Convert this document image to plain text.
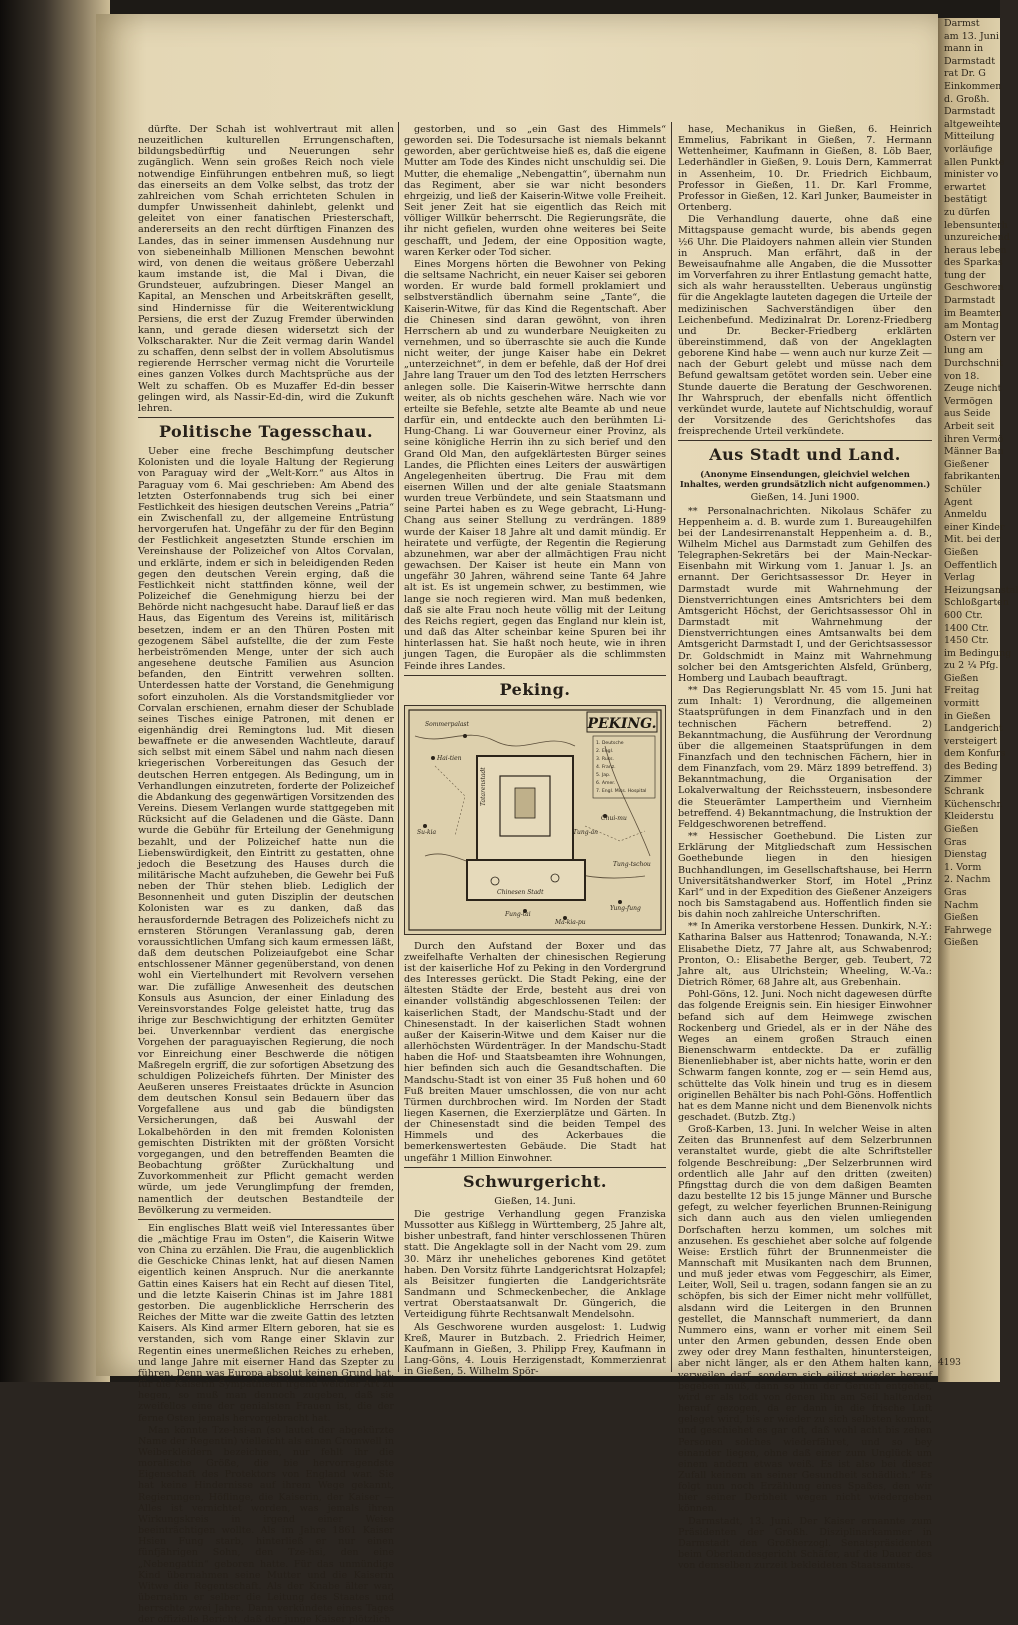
dürfte. Der Schah ist wohlvertraut mit allen neuzeitlichen kulturellen Errungenschaften, bildungsbedürftig und Neuerungen sehr zugänglich. Wenn sein großes Reich noch viele notwendige Einführungen entbehren muß, so liegt das einerseits an dem Volke selbst, das trotz der zahlreichen vom Schah errichteten Schulen in dumpfer Unwissenheit dahinlebt, gelenkt und geleitet von einer fanatischen Priesterschaft, andererseits an den recht dürftigen Finanzen des Landes, das in seiner immensen Ausdehnung nur von siebeneinhalb Millionen Menschen bewohnt wird, von denen die weitaus größere Ueberzahl kaum imstande ist, die Mal i Divan, die Grundsteuer, aufzubringen. Dieser Mangel an Kapital, an Menschen und Arbeitskräften gesellt, sind Hindernisse für die Weiterentwicklung Persiens, die erst der Zuzug Fremder überwinden kann, und gerade diesen widersetzt sich der Volkscharakter. Nur die Zeit vermag darin Wandel zu schaffen, denn selbst der in vollem Absolutismus regierende Herrscher vermag nicht die Vorurteile eines ganzen Volkes durch Machtsprüche aus der Welt zu schaffen. Ob es Muzaffer Ed-din besser gelingen wird, als Nassir-Ed-din, wird die Zukunft lehren.

Politische Tagesschau.

Ueber eine freche Beschimpfung deutscher Kolonisten und die loyale Haltung der Regierung von Paraguay wird der „Welt-Korr.“ aus Altos in Paraguay vom 6. Mai geschrieben: Am Abend des letzten Osterfonnabends trug sich bei einer Festlichkeit des hiesigen deutschen Vereins „Patria“ ein Zwischenfall zu, der allgemeine Entrüstung hervorgerufen hat. Ungefähr zu der für den Beginn der Festlichkeit angesetzten Stunde erschien im Vereinshause der Polizeichef von Altos Corvalan, und erklärte, indem er sich in beleidigenden Reden gegen den deutschen Verein erging, daß die Festlichkeit nicht stattfinden könne, weil der Polizeichef die Genehmigung hierzu bei der Behörde nicht nachgesucht habe. Darauf ließ er das Haus, das Eigentum des Vereins ist, militärisch besetzen, indem er an den Thüren Posten mit gezogenem Säbel aufstellte, die der zum Feste herbeiströmenden Menge, unter der sich auch angesehene deutsche Familien aus Asuncion befanden, den Eintritt verwehren sollten. Unterdessen hatte der Vorstand, die Genehmigung sofort einzuholen. Als die Vorstandsmitglieder vor Corvalan erschienen, ernahm dieser der Schublade seines Tisches einige Patronen, mit denen er eigenhändig drei Remingtons lud. Mit diesen bewaffnete er die anwesenden Wachtleute, darauf sich selbst mit einem Säbel und nahm nach diesen kriegerischen Vorbereitungen das Gesuch der deutschen Herren entgegen. Als Bedingung, um in Verhandlungen einzutreten, forderte der Polizeichef die Abdankung des gegenwärtigen Vorsitzenden des Vereins. Diesem Verlangen wurde stattgegeben mit Rücksicht auf die Geladenen und die Gäste. Dann wurde die Gebühr für Erteilung der Genehmigung bezahlt, und der Polizeichef hatte nun die Liebenswürdigkeit, den Eintritt zu gestatten, ohne jedoch die Besetzung des Hauses durch die militärische Macht aufzuheben, die Gewehr bei Fuß neben der Thür stehen blieb. Lediglich der Besonnenheit und guten Disziplin der deutschen Kolonisten war es zu danken, daß das herausfordernde Betragen des Polizeichefs nicht zu ernsteren Störungen Veranlassung gab, deren voraussichtlichen Umfang sich kaum ermessen läßt, daß dem deutschen Polizeiaufgebot eine Schar entschlossener Männer gegenüberstand, von denen wohl ein Viertelhundert mit Revolvern versehen war. Die zufällige Anwesenheit des deutschen Konsuls aus Asuncion, der einer Einladung des Vereinsvorstandes Folge geleistet hatte, trug das ihrige zur Beschwichtigung der erhitzten Gemüter bei. Unverkennbar verdient das energische Vorgehen der paraguayischen Regierung, die noch vor Einreichung einer Beschwerde die nötigen Maßregeln ergriff, die zur sofortigen Absetzung des schuldigen Polizeichefs führten. Der Minister des Aeußeren unseres Freistaates drückte in Asuncion dem deutschen Konsul sein Bedauern über das Vorgefallene aus und gab die bündigsten Versicherungen, daß bei Auswahl der Lokalbehörden in den mit fremden Kolonisten gemischten Distrikten mit der größten Vorsicht vorgegangen, und den betreffenden Beamten die Beobachtung größter Zurückhaltung und Zuvorkommenheit zur Pflicht gemacht werden würde, um jede Verunglimpfung der fremden, namentlich der deutschen Bestandteile der Bevölkerung zu vermeiden.

Ein englisches Blatt weiß viel Interessantes über die „mächtige Frau im Osten“, die Kaiserin Witwe von China zu erzählen. Die Frau, die augenblicklich die Geschicke Chinas lenkt, hat auf diesen Namen eigentlich keinen Anspruch. Nur die anerkannte Gattin eines Kaisers hat ein Recht auf diesen Titel, und die letzte Kaiserin Chinas ist im Jahre 1881 gestorben. Die augenblickliche Herrscherin des Reiches der Mitte war die zweite Gattin des letzten Kaisers. Als Kind armer Eltern geboren, hat sie es verstanden, sich vom Range einer Sklavin zur Regentin eines unermeßlichen Reiches zu erheben, und lange Jahre mit eiserner Hand das Szepter zu führen. Denn was Europa absolut keinen Grund hat, für die Kaiserin Sympathieen irgend welcher Art zu hegen, so muß man dennoch zugeben, daß sie zweifellos eine der genialsten Frauen ist, die der ferne Osten jemals hervorgebracht hat.

Man könnte Tze-hsi-an (so lautet der abgekürzte Name der Regentin) vielleicht als einen Cromwell in Weiberkleidern bezeichnen, nur fehlt ihr die moralische Größe, die bie hervorragendste Eigenschaft des Protektors von England war. Sie hat keine Hindernisse auf ihrem Wege gekannt, Regierungen, Höflinge, die Kaiserin, der Kaiser — Alles ist vernichtet worden, was jemals ihren Wirkungskreis in irgend einer Weise beeinträchtigen wollte. Als im Jahre 1861 Kaiser Hsien Fung starb, hinterließ er nur einen fünfjährigen Sohn, den Tze-hsi, den eine „Nebengattin“ geboren hatte. Für das unmündige Kind übernahmen seine Mutter und die Kaiserin Witwe die Regentschaft. Als der Knabe älter war, übernahm er selber die Leitung des Staates und herrschte zwei Jahre. Dann verkündete eines Tages der offizielle Bericht, daß der junge Kaiser plötzlich

gestorben, und so „ein Gast des Himmels“ geworden sei. Die Todesursache ist niemals bekannt geworden, aber gerüchtweise hieß es, daß die eigene Mutter am Tode des Kindes nicht unschuldig sei. Die Mutter, die ehemalige „Nebengattin“, übernahm nun das Regiment, aber sie war nicht besonders ehrgeizig, und ließ der Kaiserin-Witwe volle Freiheit. Seit jener Zeit hat sie eigentlich das Reich mit völliger Willkür beherrscht. Die Regierungsräte, die ihr nicht gefielen, wurden ohne weiteres bei Seite geschafft, und Jedem, der eine Opposition wagte, waren Kerker oder Tod sicher.

Eines Morgens hörten die Bewohner von Peking die seltsame Nachricht, ein neuer Kaiser sei geboren worden. Er wurde bald formell proklamiert und selbstverständlich übernahm seine „Tante“, die Kaiserin-Witwe, für das Kind die Regentschaft. Aber die Chinesen sind daran gewöhnt, von ihren Herrschern ab und zu wunderbare Neuigkeiten zu vernehmen, und so überraschte sie auch die Kunde nicht weiter, der junge Kaiser habe ein Dekret „unterzeichnet“, in dem er befehle, daß der Hof drei Jahre lang Trauer um den Tod des letzten Herrschers anlegen solle. Die Kaiserin-Witwe herrschte dann weiter, als ob nichts geschehen wäre. Nach wie vor erteilte sie Befehle, setzte alte Beamte ab und neue darfür ein, und entdeckte auch den berühmten Li-Hung-Chang. Li war Gouverneur einer Provinz, als seine königliche Herrin ihn zu sich berief und den Grand Old Man, den aufgeklärtesten Bürger seines Landes, die Pflichten eines Leiters der auswärtigen Angelegenheiten übertrug. Die Frau mit dem eisernen Willen und der alte geniale Staatsmann wurden treue Verbündete, und sein Staatsmann und seine Partei haben es zu Wege gebracht, Li-Hung-Chang aus seiner Stellung zu verdrängen. 1889 wurde der Kaiser 18 Jahre alt und damit mündig. Er heiratete und verfügte, der Regentin die Regierung abzunehmen, war aber der allmächtigen Frau nicht gewachsen. Der Kaiser ist heute ein Mann von ungefähr 30 Jahren, während seine Tante 64 Jahre alt ist. Es ist ungemein schwer, zu bestimmen, wie lange sie noch regieren wird. Man muß bedenken, daß sie alte Frau noch heute völlig mit der Leitung des Reichs regiert, gegen das England nur klein ist, und daß das Alter scheinbar keine Spuren bei ihr hinterlassen hat. Sie haßt noch heute, wie in ihren jungen Tagen, die Europäer als die schlimmsten Feinde ihres Landes.

Peking.
PEKING.
1. Deutsche
2. Engl.
3. Russ.
4. Franz.
5. Jap.
6. Amer.
7. Engl. Miss. Hospital
Tatarenstadt
Chinesen Stadt
Tung-an
Fung-tai
Chui-mu
Hai-tien
Sommerpalast
Yung-fung
Tung-tschou
Ma-kia-pu
Su-kia

Durch den Aufstand der Boxer und das zweifelhafte Verhalten der chinesischen Regierung ist der kaiserliche Hof zu Peking in den Vordergrund des Interesses gerückt. Die Stadt Peking, eine der ältesten Städte der Erde, besteht aus drei von einander vollständig abgeschlossenen Teilen: der kaiserlichen Stadt, der Mandschu-Stadt und der Chinesenstadt. In der kaiserlichen Stadt wohnen außer der Kaiserin-Witwe und dem Kaiser nur die allerhöchsten Würdenträger. In der Mandschu-Stadt haben die Hof- und Staatsbeamten ihre Wohnungen, hier befinden sich auch die Gesandtschaften. Die Mandschu-Stadt ist von einer 35 Fuß hohen und 60 Fuß breiten Mauer umschlossen, die von nur acht Türmen durchbrochen wird. Im Norden der Stadt liegen Kasernen, die Exerzierplätze und Gärten. In der Chinesenstadt sind die beiden Tempel des Himmels und des Ackerbaues die bemerkenswertesten Gebäude. Die Stadt hat ungefähr 1 Million Einwohner.

Schwurgericht.
Gießen, 14. Juni.

Die gestrige Verhandlung gegen Franziska Mussotter aus Kißlegg in Württemberg, 25 Jahre alt, bisher unbestraft, fand hinter verschlossenen Thüren statt. Die Angeklagte soll in der Nacht vom 29. zum 30. März ihr uneheliches geborenes Kind getötet haben. Den Vorsitz führte Landgerichtsrat Holzapfel; als Beisitzer fungierten die Landgerichtsräte Sandmann und Schmeckenbecher, die Anklage vertrat Oberstaatsanwalt Dr. Güngerich, die Verteidigung führte Rechtsanwalt Mendelsohn.

Als Geschworene wurden ausgelost: 1. Ludwig Kreß, Maurer in Butzbach. 2. Friedrich Heimer, Kaufmann in Gießen, 3. Philipp Frey, Kaufmann in Lang-Göns, 4. Louis Herzigenstadt, Kommerzienrat in Gießen, 5. Wilhelm Spör-

hase, Mechanikus in Gießen, 6. Heinrich Emmelius, Fabrikant in Gießen, 7. Hermann Wettenheimer, Kaufmann in Gießen, 8. Löb Baer, Lederhändler in Gießen, 9. Louis Dern, Kammerrat in Assenheim, 10. Dr. Friedrich Eichbaum, Professor in Gießen, 11. Dr. Karl Fromme, Professor in Gießen, 12. Karl Junker, Baumeister in Ortenberg.

Die Verhandlung dauerte, ohne daß eine Mittagspause gemacht wurde, bis abends gegen ½6 Uhr. Die Plaidoyers nahmen allein vier Stunden in Anspruch. Man erfährt, daß in der Beweisaufnahme alle Angaben, die die Mussotter im Vorverfahren zu ihrer Entlastung gemacht hatte, sich als wahr herausstellten. Ueberaus ungünstig für die Angeklagte lauteten dagegen die Urteile der medizinischen Sachverständigen über den Leichenbefund. Medizinalrat Dr. Lorenz-Friedberg und Dr. Becker-Friedberg erklärten übereinstimmend, daß von der Angeklagten geborene Kind habe — wenn auch nur kurze Zeit — nach der Geburt gelebt und müsse nach dem Befund gewaltsam getötet worden sein. Ueber eine Stunde dauerte die Beratung der Geschworenen. Ihr Wahrspruch, der ebenfalls nicht öffentlich verkündet wurde, lautete auf Nichtschuldig, worauf der Vorsitzende des Gerichtshofes das freisprechende Urteil verkündete.

Aus Stadt und Land.
(Anonyme Einsendungen, gleichviel welchen Inhaltes, werden grundsätzlich nicht aufgenommen.)
Gießen, 14. Juni 1900.

** Personalnachrichten. Nikolaus Schäfer zu Heppenheim a. d. B. wurde zum 1. Bureaugehilfen bei der Landesirrenanstalt Heppenheim a. d. B., Wilhelm Michel aus Darmstadt zum Gehilfen des Telegraphen-Sekretärs bei der Main-Neckar-Eisenbahn mit Wirkung vom 1. Januar l. Js. an ernannt. Der Gerichtsassessor Dr. Heyer in Darmstadt wurde mit Wahrnehmung der Dienstverrichtungen eines Amtsrichters bei dem Amtsgericht Höchst, der Gerichtsassessor Ohl in Darmstadt mit Wahrnehmung der Dienstverrichtungen eines Amtsanwalts bei dem Amtsgericht Darmstadt I, und der Gerichtsassessor Dr. Goldschmidt in Mainz mit Wahrnehmung solcher bei den Amtsgerichten Alsfeld, Grünberg, Homberg und Laubach beauftragt.

** Das Regierungsblatt Nr. 45 vom 15. Juni hat zum Inhalt: 1) Verordnung, die allgemeinen Staatsprüfungen in dem Finanzfach und in den technischen Fächern betreffend. 2) Bekanntmachung, die Ausführung der Verordnung über die allgemeinen Staatsprüfungen in dem Finanzfach und den technischen Fächern, hier in dem Finanzfach, vom 29. März 1899 betreffend. 3) Bekanntmachung, die Organisation der Lokalverwaltung der Reichssteuern, insbesondere die Steuerämter Lampertheim und Viernheim betreffend. 4) Bekanntmachung, die Instruktion der Feldgeschworenen betreffend.

** Hessischer Goethebund. Die Listen zur Erklärung der Mitgliedschaft zum Hessischen Goethebunde liegen in den hiesigen Buchhandlungen, im Gesellschaftshause, bei Herrn Universitätshandwerker Storf, im Hotel „Prinz Karl“ und in der Expedition des Gießener Anzeigers noch bis Samstagabend aus. Hoffentlich finden sie bis dahin noch zahlreiche Unterschriften.

** In Amerika verstorbene Hessen. Dunkirk, N.-Y.: Katharina Balser aus Hattenrod; Tonawanda, N.-Y.: Elisabethe Dietz, 77 Jahre alt, aus Schwabenrod; Pronton, O.: Elisabethe Berger, geb. Teubert, 72 Jahre alt, aus Ulrichstein; Wheeling, W.-Va.: Dietrich Römer, 68 Jahre alt, aus Grebenhain.

Pohl-Göns, 12. Juni. Noch nicht dagewesen dürfte das folgende Ereignis sein. Ein hiesiger Einwohner befand sich auf dem Heimwege zwischen Rockenberg und Griedel, als er in der Nähe des Weges an einem großen Strauch einen Bienenschwarm entdeckte. Da er zufällig Bienenliebhaber ist, aber nichts hatte, worin er den Schwarm fangen konnte, zog er — sein Hemd aus, schüttelte das Volk hinein und trug es in diesem originellen Behälter bis nach Pohl-Göns. Hoffentlich hat es dem Manne nicht und dem Bienenvolk nichts geschadet. (Butzb. Ztg.)

Groß-Karben, 13. Juni. In welcher Weise in alten Zeiten das Brunnenfest auf dem Selzerbrunnen veranstaltet wurde, giebt die alte Schriftsteller folgende Beschreibung: „Der Selzerbrunnen wird ordentlich alle Jahr auf den dritten (zweiten) Pfingsttag durch die von dem daßigen Beamten dazu bestellte 12 bis 15 junge Männer und Bursche gefegt, zu welcher feyerlichen Brunnen-Reinigung sich dann auch aus den vielen umliegenden Dorfschaften herzu kommen, um solches mit anzusehen. Es geschiehet aber solche auf folgende Weise: Erstlich führt der Brunnenmeister die Mannschaft mit Musikanten nach dem Brunnen, und muß jeder etwas vom Feggeschirr, als Eimer, Leiter, Woll, Seil u. tragen, sodann fangen sie an zu schöpfen, bis sich der Eimer nicht mehr vollfüllet, alsdann wird die Leitergen in den Brunnen gestellet, die Mannschaft nummeriert, da dann Nummero eins, wann er vorher mit einem Seil unter den Armen gebunden, dessen Ende oben zwey oder drey Mann festhalten, hinuntersteigen, aber nicht länger, als er den Athem halten kann, verweilen darf, sondern sich eiligst wieder herauf begeben muß, dann so ihm der Geruch entgehet, wird er als todt von denen ihn am Seil haltenden herauf gezogen, da er dann in die frische Luft geleget wird, bis er wieder zu sich selbsten kommt, und geschiehet es gar oft, daß wohl acht bis zehen Personen solches wiederfähret, und so bey einander liegen, ohne daß einer zum Unglück um einem andern etwas weiß. Es ist also bei dieser Zufall keinem an seiner Gesundheit schädlich.“ Es folgt nun noch Erzählung eines Spaßes, den wir hier seiner Derbheit wegen nicht wiedergeben können.

Darmstadt, 13. Juni. Der Kaiser ernannte zum Präsidenten der Großh. Disziplinarkammer in Darmstadt den Großherzogl. Senatspräsidenten beim Oberlandesgericht Schäfer, auf die Dauer des von demselben zurzeit bekleideten Staatsamtes.

Darmst
am 13. Juni
mann in
Darmstadt
rat Dr. G
Einkommen
d. Großh.
Darmstadt
altgeweihte
Mitteilung
vorläufige
allen Punkte
minister vo
erwartet
bestätigt
zu dürfen
lebensunterh
unzureichend
heraus leben
des Sparkas
tung der
Geschworen
Darmstadt
im Beamten
am Montag
Ostern ver
lung am
Durchschnit
von 18.
Zeuge nicht
Vermögen
aus Seide
Arbeit seit
ihren Vermö
Männer Ban
Gießener
fabrikanten
Schüler
Agent
Anmeldu
einer Kinder
Mit. bei der
Gießen
Oeffentlich
Verlag
Heizungsanstal
Schloßgarten
600 Ctr.
1400 Ctr.
1450 Ctr.
im Bedingung
zu 2 ¼ Pfg.
Gießen
Freitag
vormitt
in Gießen
Landgericht
versteigert
dem Konfurs
des Beding
Zimmer
Schrank
Küchenschr.
Kleiderstu
Gießen
Gras
Dienstag
1. Vorm
2. Nachm
Gras
Nachm
Gießen
Fahrwege
Gießen
4193
